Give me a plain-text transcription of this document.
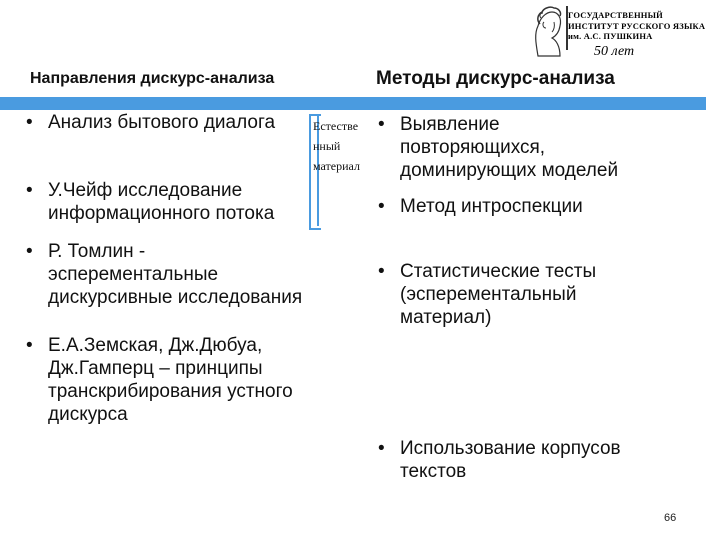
ГОСУДАРСТВЕННЫЙ
ИНСТИТУТ РУССКОГО ЯЗЫКА
им. А.С. ПУШКИНА
50 лет
Направления дискурс-анализа	Методы дискурс-анализа
• Анализ бытового диалога
• У.Чейф исследование
информационного потока
• Р. Томлин -
эсперементальные
дискурсивные исследования
• Е.А.Земская, Дж.Дюбуа,
Дж.Гамперц – принципы
транскрибирования устного
дискурса
• Выявление
повторяющихся,
доминирующих моделей
• Метод интроспекции
• Статистические тесты
(эсперементальный
материал)
• Использование корпусов
текстов
Естестве
нный
материал
66
